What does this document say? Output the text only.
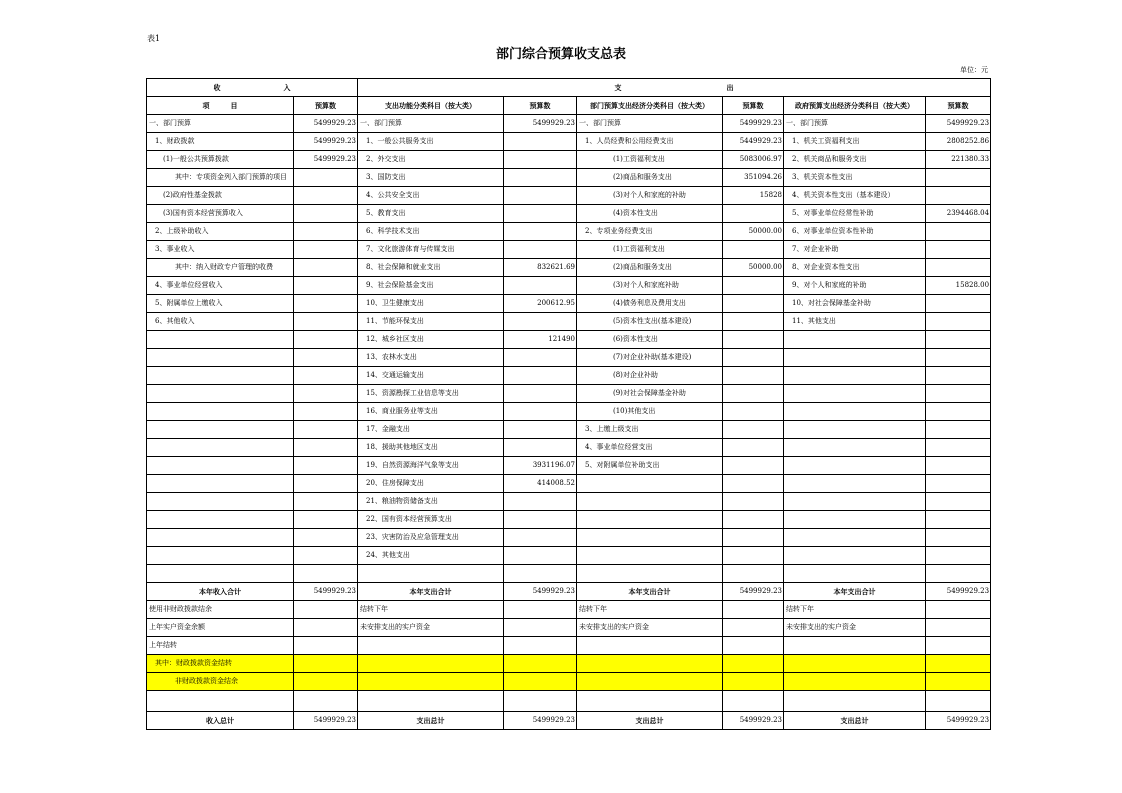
表1
部门综合预算收支总表
单位：元
收　　　　　　　　　入		支　　　　　　　　　　　　　　　出					
项　　　目	预算数	支出功能分类科目（按大类）	预算数	部门预算支出经济分类科目（按大类）	预算数	政府预算支出经济分类科目（按大类）	预算数
一、部门预算	5499929.23	一、部门预算	5499929.23	一、部门预算	5499929.23	一、部门预算	5499929.23
1、财政拨款	5499929.23	1、一般公共服务支出		1、人员经费和公用经费支出	5449929.23	1、机关工资福利支出	2808252.86
(1)一般公共预算拨款	5499929.23	2、外交支出		(1)工资福利支出	5083006.97	2、机关商品和服务支出	221380.33
其中：专项资金列入部门预算的项目		3、国防支出		(2)商品和服务支出	351094.26	3、机关资本性支出	
(2)政府性基金拨款		4、公共安全支出		(3)对个人和家庭的补助	15828	4、机关资本性支出（基本建设）	
(3)国有资本经营预算收入		5、教育支出		(4)资本性支出		5、对事业单位经常性补助	2394468.04
2、上级补助收入		6、科学技术支出		2、专项业务经费支出	50000.00	6、对事业单位资本性补助	
3、事业收入		7、文化旅游体育与传媒支出		(1)工资福利支出		7、对企业补助	
其中：纳入财政专户管理的收费		8、社会保障和就业支出	832621.69	(2)商品和服务支出	50000.00	8、对企业资本性支出	
4、事业单位经营收入		9、社会保险基金支出		(3)对个人和家庭补助		9、对个人和家庭的补助	15828.00
5、附属单位上缴收入		10、卫生健康支出	200612.95	(4)债务利息及费用支出		10、对社会保障基金补助	
6、其他收入		11、节能环保支出		(5)资本性支出(基本建设)		11、其他支出	
		12、城乡社区支出	121490	(6)资本性支出			
		13、农林水支出		(7)对企业补助(基本建设)			
		14、交通运输支出		(8)对企业补助			
		15、资源勘探工业信息等支出		(9)对社会保障基金补助			
		16、商业服务业等支出		(10)其他支出			
		17、金融支出		3、上缴上级支出			
		18、援助其他地区支出		4、事业单位经营支出			
		19、自然资源海洋气象等支出	3931196.07	5、对附属单位补助支出			
		20、住房保障支出	414008.52				
		21、粮油物资储备支出					
		22、国有资本经营预算支出					
		23、灾害防治及应急管理支出					
		24、其他支出					

本年收入合计	5499929.23	本年支出合计	5499929.23	本年支出合计	5499929.23	本年支出合计	5499929.23
使用非财政拨款结余		结转下年		结转下年		结转下年	
上年实户资金余额		未安排支出的实户资金		未安排支出的实户资金		未安排支出的实户资金	
上年结转							
其中：财政拨款资金结转							
非财政拨款资金结余							

收入总计	5499929.23	支出总计	5499929.23	支出总计	5499929.23	支出总计	5499929.23
